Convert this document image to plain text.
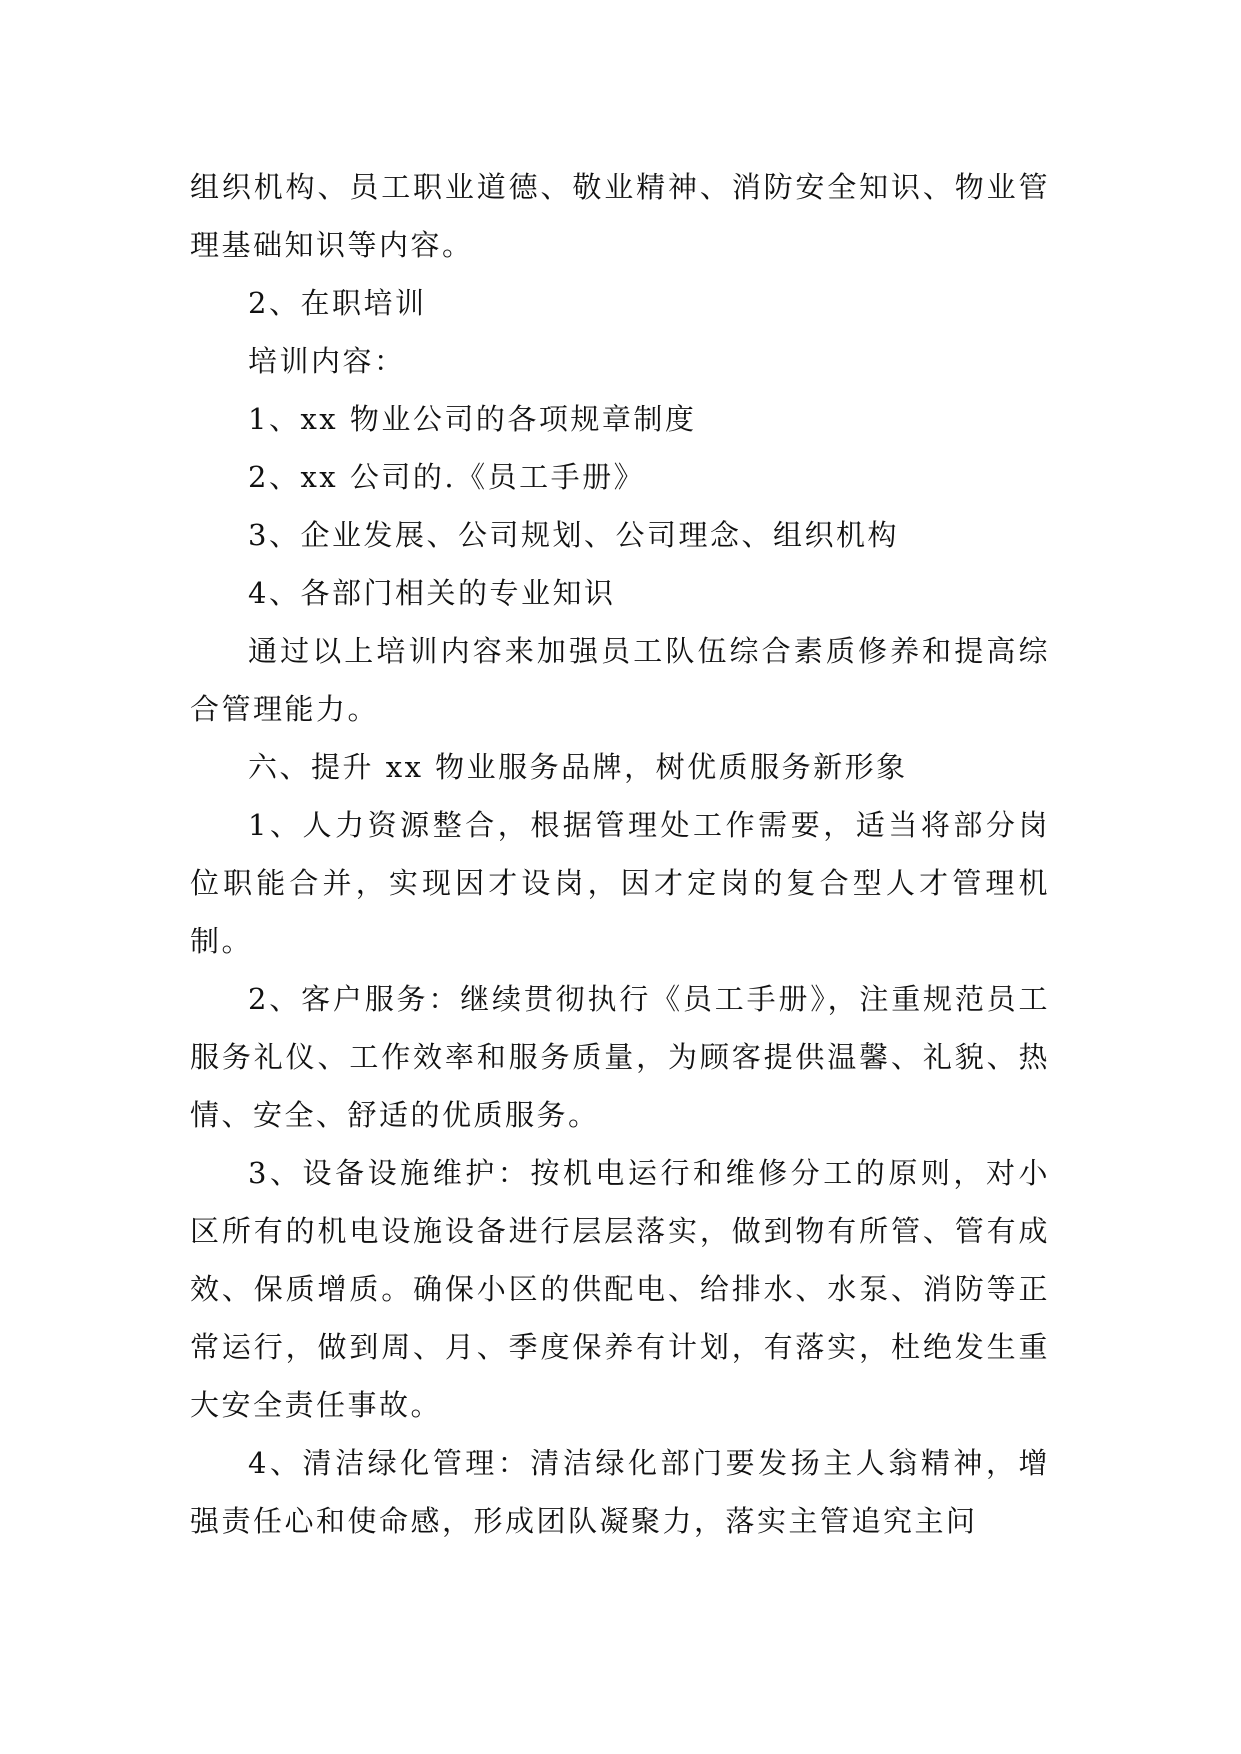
组织机构、员工职业道德、敬业精神、消防安全知识、物业管理基础知识等内容。

2、在职培训

培训内容：

1、xx 物业公司的各项规章制度

2、xx 公司的.《员工手册》

3、企业发展、公司规划、公司理念、组织机构

4、各部门相关的专业知识

通过以上培训内容来加强员工队伍综合素质修养和提高综合管理能力。

六、提升 xx 物业服务品牌，树优质服务新形象

1、人力资源整合，根据管理处工作需要，适当将部分岗位职能合并，实现因才设岗，因才定岗的复合型人才管理机制。

2、客户服务：继续贯彻执行《员工手册》，注重规范员工服务礼仪、工作效率和服务质量，为顾客提供温馨、礼貌、热情、安全、舒适的优质服务。

3、设备设施维护：按机电运行和维修分工的原则，对小区所有的机电设施设备进行层层落实，做到物有所管、管有成效、保质增质。确保小区的供配电、给排水、水泵、消防等正常运行，做到周、月、季度保养有计划，有落实，杜绝发生重大安全责任事故。

4、清洁绿化管理：清洁绿化部门要发扬主人翁精神，增强责任心和使命感，形成团队凝聚力，落实主管追究主问
